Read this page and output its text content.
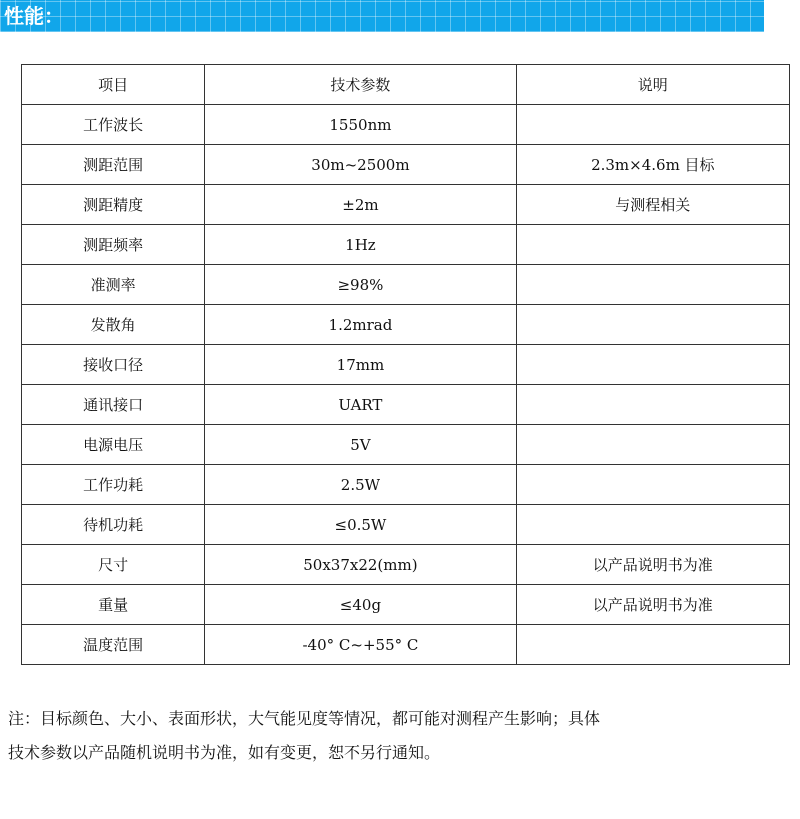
性能：
项目	技术参数	说明
工作波长	1550nm	
测距范围	30m~2500m	2.3m×4.6m 目标
测距精度	±2m	与测程相关
测距频率	1Hz	
准测率	≥98%	
发散角	1.2mrad	
接收口径	17mm	
通讯接口	UART	
电源电压	5V	
工作功耗	2.5W	
待机功耗	≤0.5W	
尺寸	50x37x22(mm)	以产品说明书为准
重量	≤40g	以产品说明书为准
温度范围	-40° C~+55° C	
注：目标颜色、大小、表面形状，大气能见度等情况，都可能对测程产生影响；具体
技术参数以产品随机说明书为准，如有变更，恕不另行通知。
